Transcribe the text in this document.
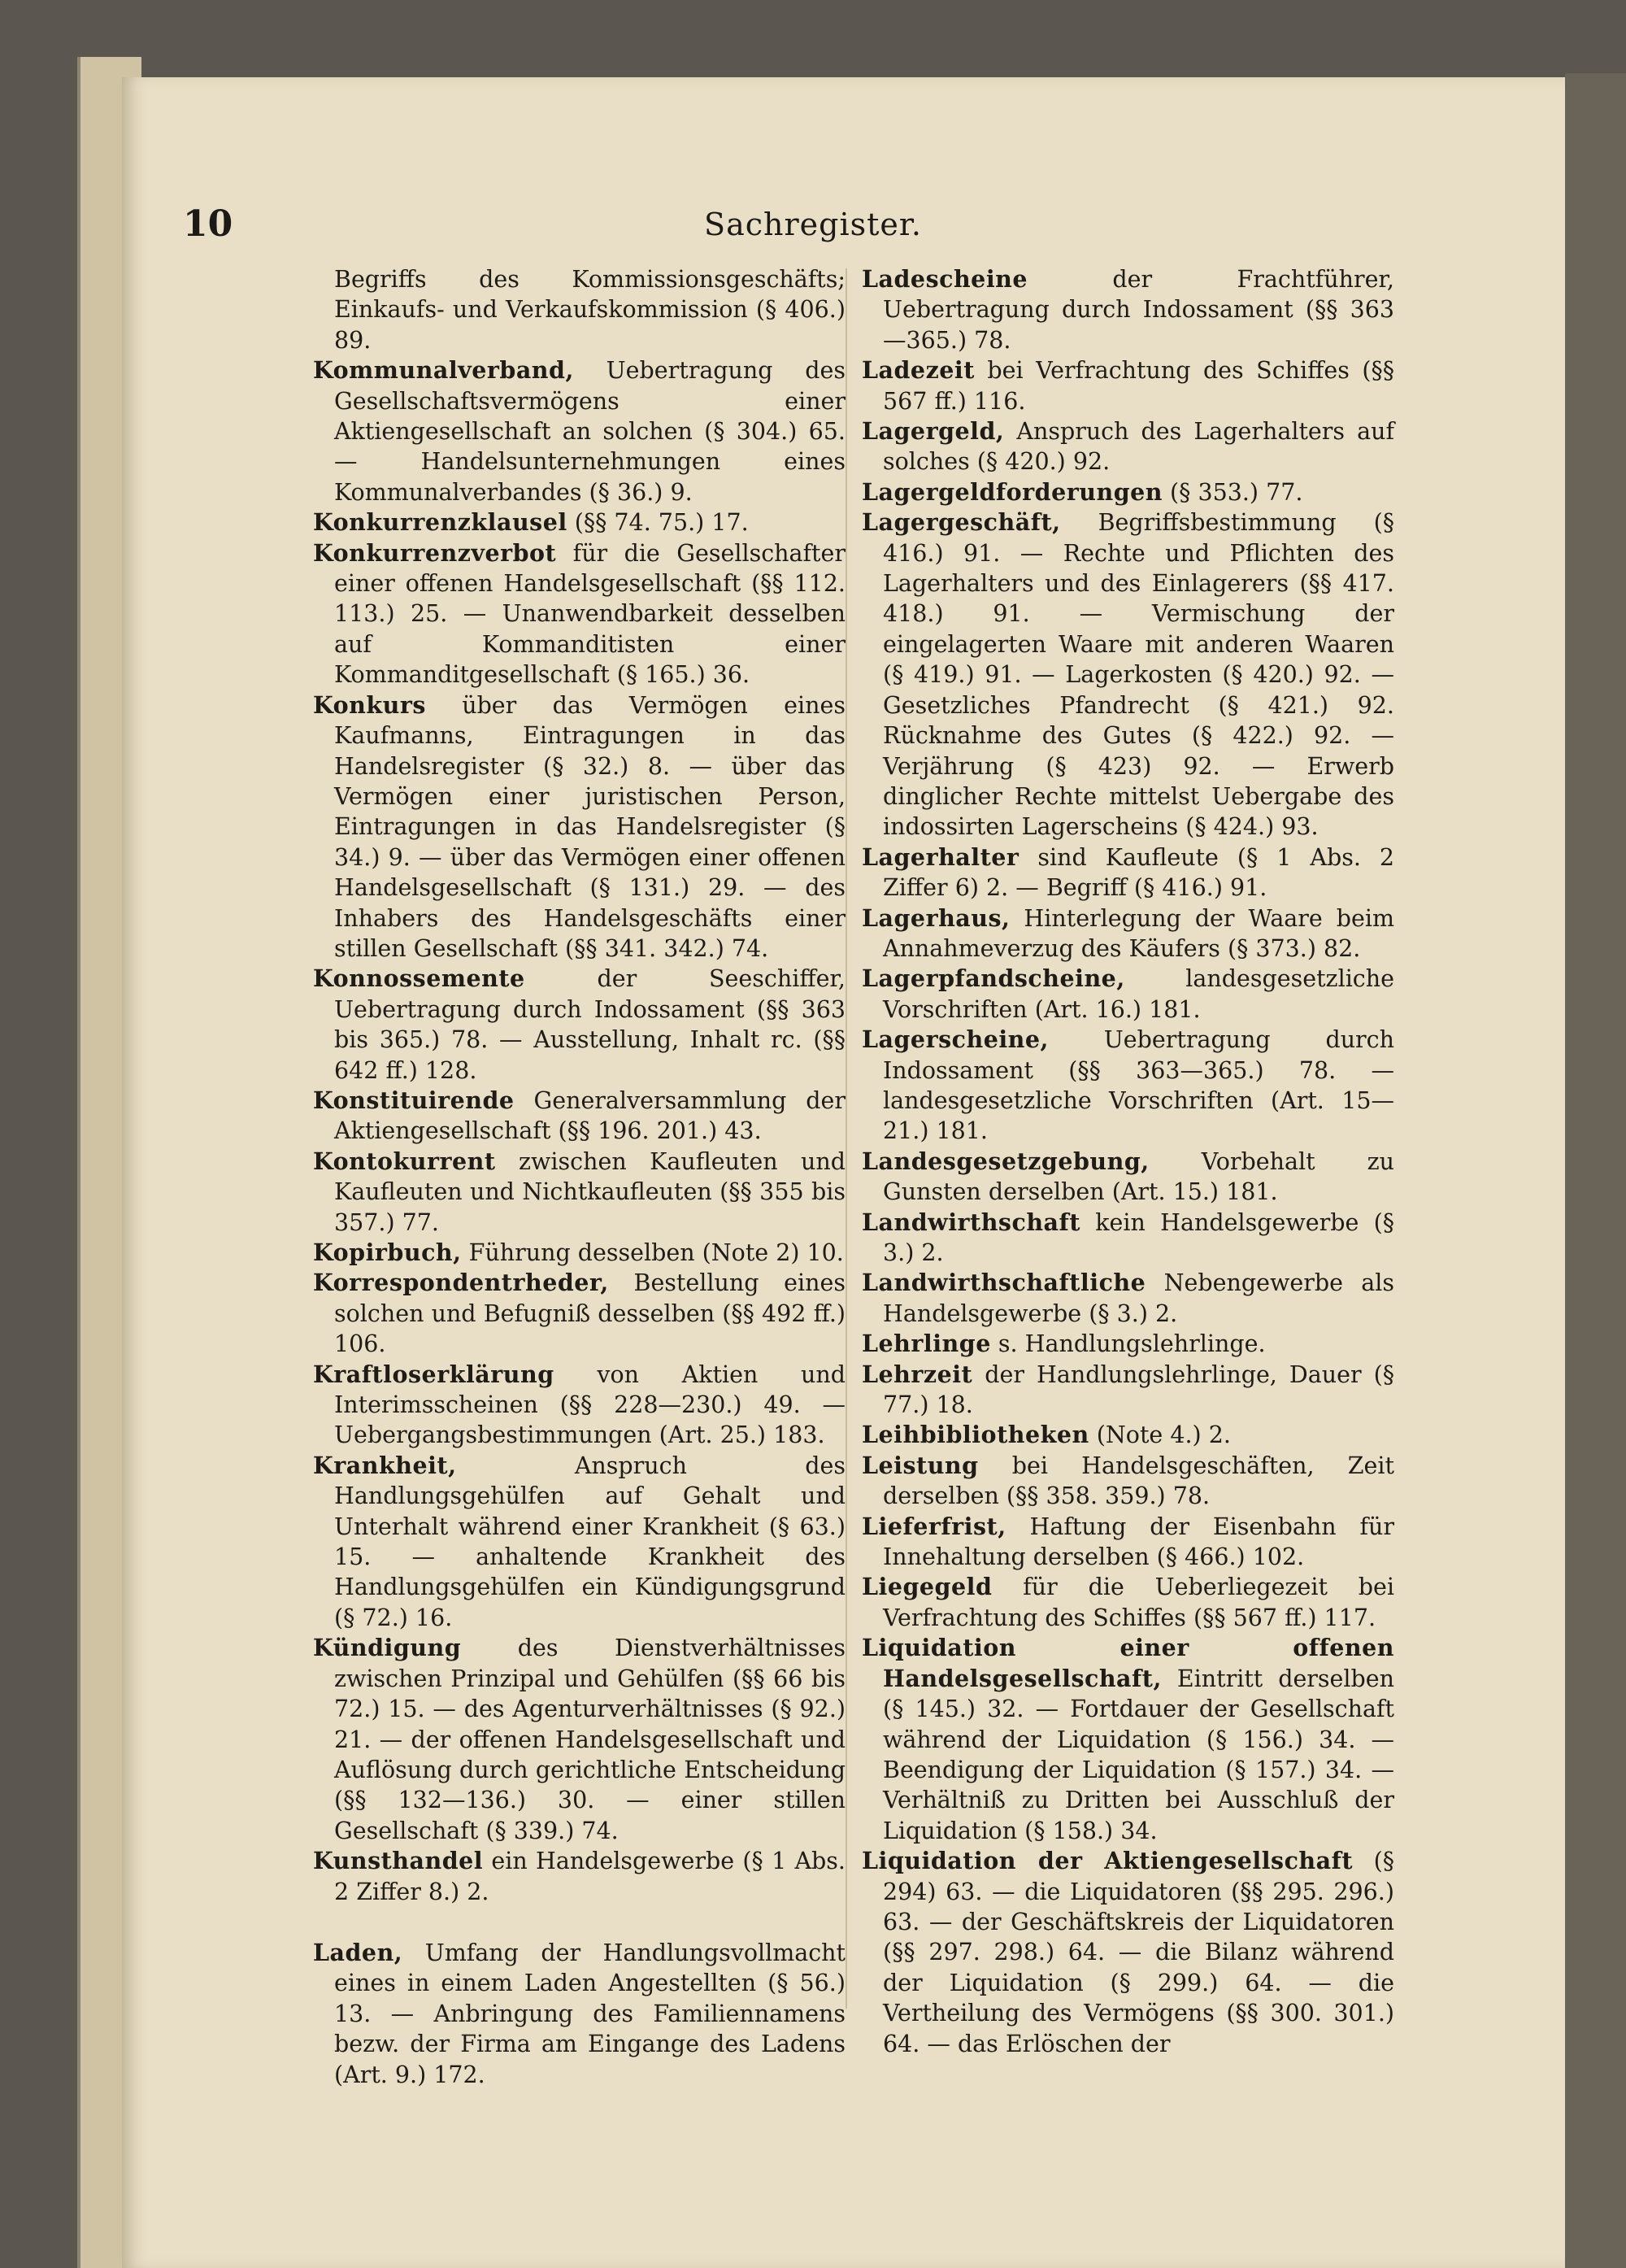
10	Sachregister.

Begriffs des Kommissionsgeschäfts; Einkaufs- und Verkaufskommission (§ 406.) 89.

Kommunalverband, Uebertragung des Gesellschaftsvermögens einer Aktiengesellschaft an solchen (§ 304.) 65. — Handelsunternehmungen eines Kommunalverbandes (§ 36.) 9.

Konkurrenzklausel (§§ 74. 75.) 17.

Konkurrenzverbot für die Gesellschafter einer offenen Handelsgesellschaft (§§ 112. 113.) 25. — Unanwendbarkeit desselben auf Kommanditisten einer Kommanditgesellschaft (§ 165.) 36.

Konkurs über das Vermögen eines Kaufmanns, Eintragungen in das Handelsregister (§ 32.) 8. — über das Vermögen einer juristischen Person, Eintragungen in das Handelsregister (§ 34.) 9. — über das Vermögen einer offenen Handelsgesellschaft (§ 131.) 29. — des Inhabers des Handelsgeschäfts einer stillen Gesellschaft (§§ 341. 342.) 74.

Konnossemente der Seeschiffer, Uebertragung durch Indossament (§§ 363 bis 365.) 78. — Ausstellung, Inhalt rc. (§§ 642 ff.) 128.

Konstituirende Generalversammlung der Aktiengesellschaft (§§ 196. 201.) 43.

Kontokurrent zwischen Kaufleuten und Kaufleuten und Nichtkaufleuten (§§ 355 bis 357.) 77.

Kopirbuch, Führung desselben (Note 2) 10.

Korrespondentrheder, Bestellung eines solchen und Befugniß desselben (§§ 492 ff.) 106.

Kraftloserklärung von Aktien und Interimsscheinen (§§ 228—230.) 49. — Uebergangsbestimmungen (Art. 25.) 183.

Krankheit, Anspruch des Handlungsgehülfen auf Gehalt und Unterhalt während einer Krankheit (§ 63.) 15. — anhaltende Krankheit des Handlungsgehülfen ein Kündigungsgrund (§ 72.) 16.

Kündigung des Dienstverhältnisses zwischen Prinzipal und Gehülfen (§§ 66 bis 72.) 15. — des Agenturverhältnisses (§ 92.) 21. — der offenen Handelsgesellschaft und Auflösung durch gerichtliche Entscheidung (§§ 132—136.) 30. — einer stillen Gesellschaft (§ 339.) 74.

Kunsthandel ein Handelsgewerbe (§ 1 Abs. 2 Ziffer 8.) 2.

Laden, Umfang der Handlungsvollmacht eines in einem Laden Angestellten (§ 56.) 13. — Anbringung des Familiennamens bezw. der Firma am Eingange des Ladens (Art. 9.) 172.

Ladescheine der Frachtführer, Uebertragung durch Indossament (§§ 363—365.) 78.

Ladezeit bei Verfrachtung des Schiffes (§§ 567 ff.) 116.

Lagergeld, Anspruch des Lagerhalters auf solches (§ 420.) 92.

Lagergeldforderungen (§ 353.) 77.

Lagergeschäft, Begriffsbestimmung (§ 416.) 91. — Rechte und Pflichten des Lagerhalters und des Einlagerers (§§ 417. 418.) 91. — Vermischung der eingelagerten Waare mit anderen Waaren (§ 419.) 91. — Lagerkosten (§ 420.) 92. — Gesetzliches Pfandrecht (§ 421.) 92. Rücknahme des Gutes (§ 422.) 92. — Verjährung (§ 423) 92. — Erwerb dinglicher Rechte mittelst Uebergabe des indossirten Lagerscheins (§ 424.) 93.

Lagerhalter sind Kaufleute (§ 1 Abs. 2 Ziffer 6) 2. — Begriff (§ 416.) 91.

Lagerhaus, Hinterlegung der Waare beim Annahmeverzug des Käufers (§ 373.) 82.

Lagerpfandscheine, landesgesetzliche Vorschriften (Art. 16.) 181.

Lagerscheine, Uebertragung durch Indossament (§§ 363—365.) 78. — landesgesetzliche Vorschriften (Art. 15—21.) 181.

Landesgesetzgebung, Vorbehalt zu Gunsten derselben (Art. 15.) 181.

Landwirthschaft kein Handelsgewerbe (§ 3.) 2.

Landwirthschaftliche Nebengewerbe als Handelsgewerbe (§ 3.) 2.

Lehrlinge s. Handlungslehrlinge.

Lehrzeit der Handlungslehrlinge, Dauer (§ 77.) 18.

Leihbibliotheken (Note 4.) 2.

Leistung bei Handelsgeschäften, Zeit derselben (§§ 358. 359.) 78.

Lieferfrist, Haftung der Eisenbahn für Innehaltung derselben (§ 466.) 102.

Liegegeld für die Ueberliegezeit bei Verfrachtung des Schiffes (§§ 567 ff.) 117.

Liquidation einer offenen Handelsgesellschaft, Eintritt derselben (§ 145.) 32. — Fortdauer der Gesellschaft während der Liquidation (§ 156.) 34. — Beendigung der Liquidation (§ 157.) 34. — Verhältniß zu Dritten bei Ausschluß der Liquidation (§ 158.) 34.

Liquidation der Aktiengesellschaft (§ 294) 63. — die Liquidatoren (§§ 295. 296.) 63. — der Geschäftskreis der Liquidatoren (§§ 297. 298.) 64. — die Bilanz während der Liquidation (§ 299.) 64. — die Vertheilung des Vermögens (§§ 300. 301.) 64. — das Erlöschen der
